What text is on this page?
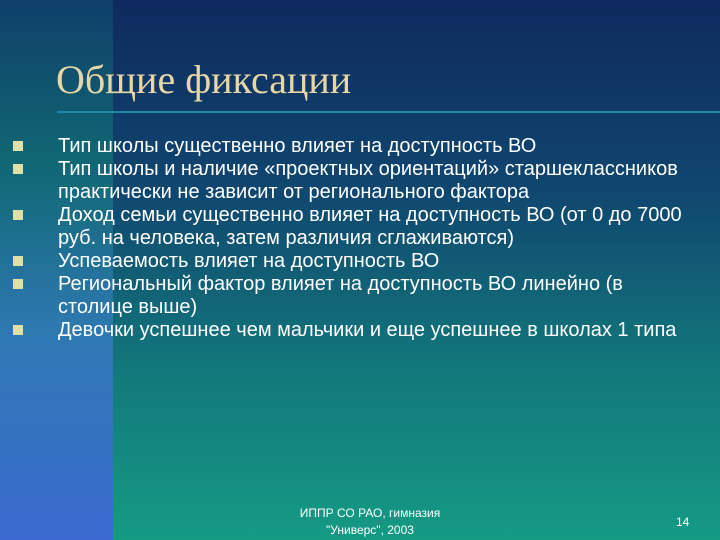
Общие фиксации
Тип школы существенно влияет на доступность ВО
Тип школы и наличие «проектных ориентаций» старшеклассников практически не зависит от регионального фактора
Доход семьи существенно влияет на доступность ВО (от 0 до 7000 руб. на человека, затем различия сглаживаются)
Успеваемость влияет на доступность ВО
Региональный фактор влияет на доступность ВО линейно (в столице выше)
Девочки успешнее чем мальчики и еще успешнее в школах 1 типа
ИППР СО РАО, гимназия
"Универс", 2003
14
